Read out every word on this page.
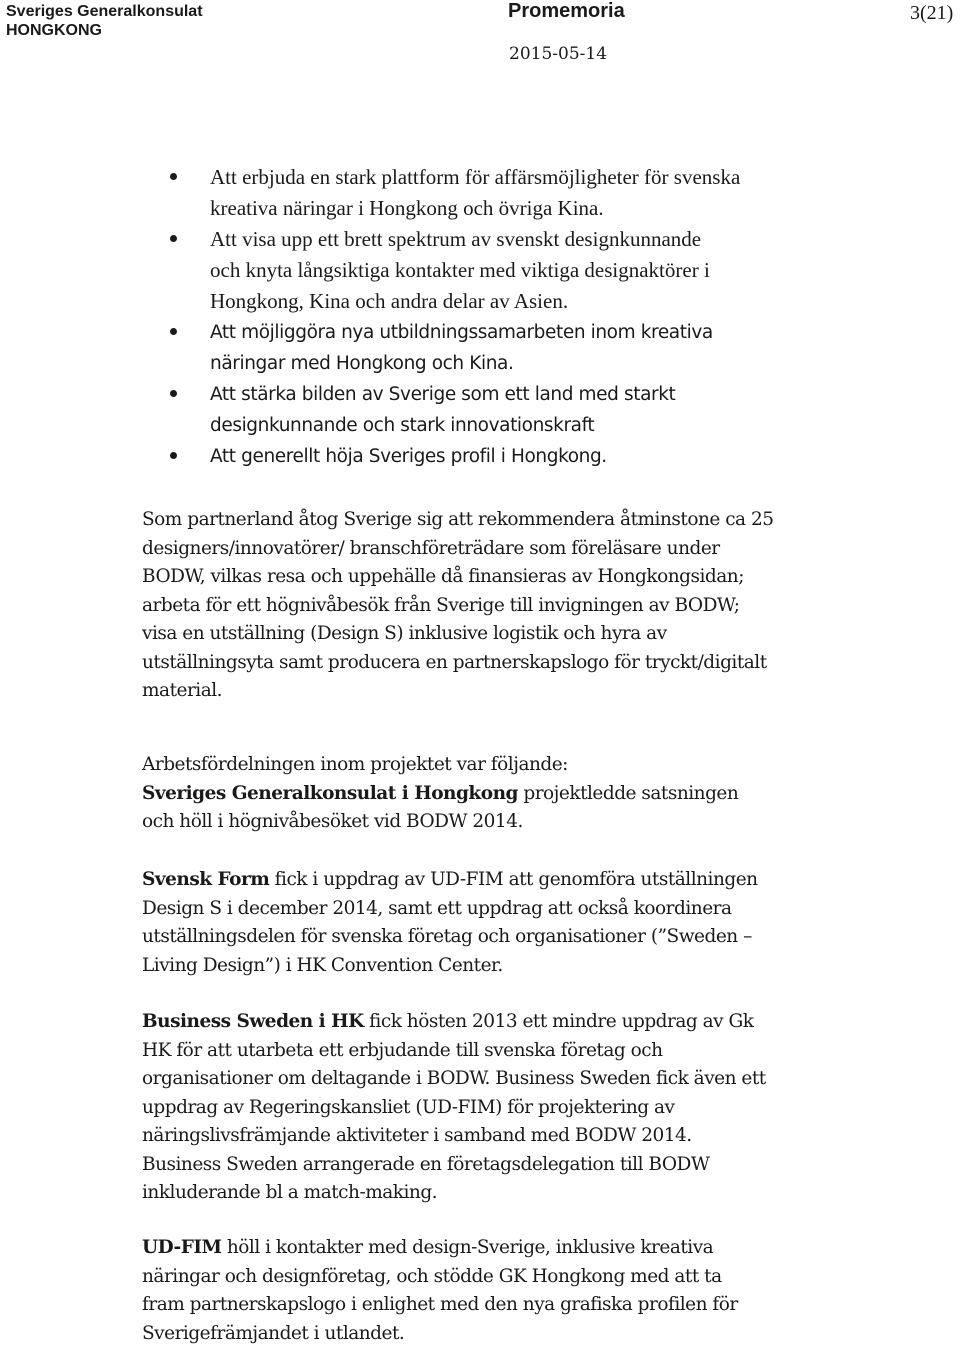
Sveriges Generalkonsulat
HONGKONG
Promemoria
2015-05-14
3(21)
Att erbjuda en stark plattform för affärsmöjligheter för svenska
kreativa näringar i Hongkong och övriga Kina.
Att visa upp ett brett spektrum av svenskt designkunnande
och knyta långsiktiga kontakter med viktiga designaktörer i
Hongkong, Kina och andra delar av Asien.
Att möjliggöra nya utbildningssamarbeten inom kreativa
näringar med Hongkong och Kina.
Att stärka bilden av Sverige som ett land med starkt
designkunnande och stark innovationskraft
Att generellt höja Sveriges profil i Hongkong.
Som partnerland åtog Sverige sig att rekommendera åtminstone ca 25
designers/innovatörer/ branschföreträdare som föreläsare under
BODW, vilkas resa och uppehälle då finansieras av Hongkongsidan;
arbeta för ett högnivåbesök från Sverige till invigningen av BODW;
visa en utställning (Design S) inklusive logistik och hyra av
utställningsyta samt producera en partnerskapslogo för tryckt/digitalt
material.
Arbetsfördelningen inom projektet var följande:
Sveriges Generalkonsulat i Hongkong projektledde satsningen
och höll i högnivåbesöket vid BODW 2014.
Svensk Form fick i uppdrag av UD-FIM att genomföra utställningen
Design S i december 2014, samt ett uppdrag att också koordinera
utställningsdelen för svenska företag och organisationer (”Sweden –
Living Design”) i HK Convention Center.
Business Sweden i HK fick hösten 2013 ett mindre uppdrag av Gk
HK för att utarbeta ett erbjudande till svenska företag och
organisationer om deltagande i BODW. Business Sweden fick även ett
uppdrag av Regeringskansliet (UD-FIM) för projektering av
näringslivsfrämjande aktiviteter i samband med BODW 2014.
Business Sweden arrangerade en företagsdelegation till BODW
inkluderande bl a match-making.
UD-FIM höll i kontakter med design-Sverige, inklusive kreativa
näringar och designföretag, och stödde GK Hongkong med att ta
fram partnerskapslogo i enlighet med den nya grafiska profilen för
Sverigefrämjandet i utlandet.
